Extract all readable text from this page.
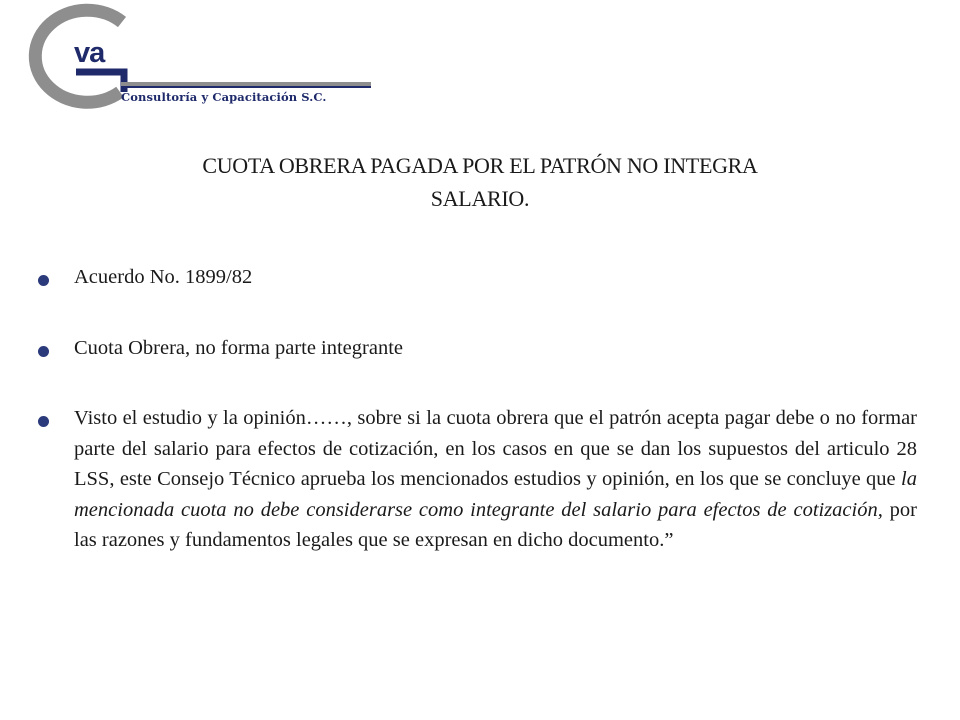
va
Consultoría y Capacitación S.C.
CUOTA OBRERA PAGADA POR EL PATRÓN NO INTEGRA
SALARIO.
Acuerdo No. 1899/82
Cuota Obrera, no forma parte integrante
Visto el estudio y la opinión……, sobre si la cuota obrera que el patrón acepta pagar debe o no formar parte del salario para efectos de cotización, en los casos en que se dan los supuestos del articulo 28 LSS, este Consejo Técnico aprueba los mencionados estudios y opinión, en los que se concluye que la mencionada cuota no debe considerarse como integrante del salario para efectos de cotización, por las razones y fundamentos legales que se expresan en dicho documento.”
